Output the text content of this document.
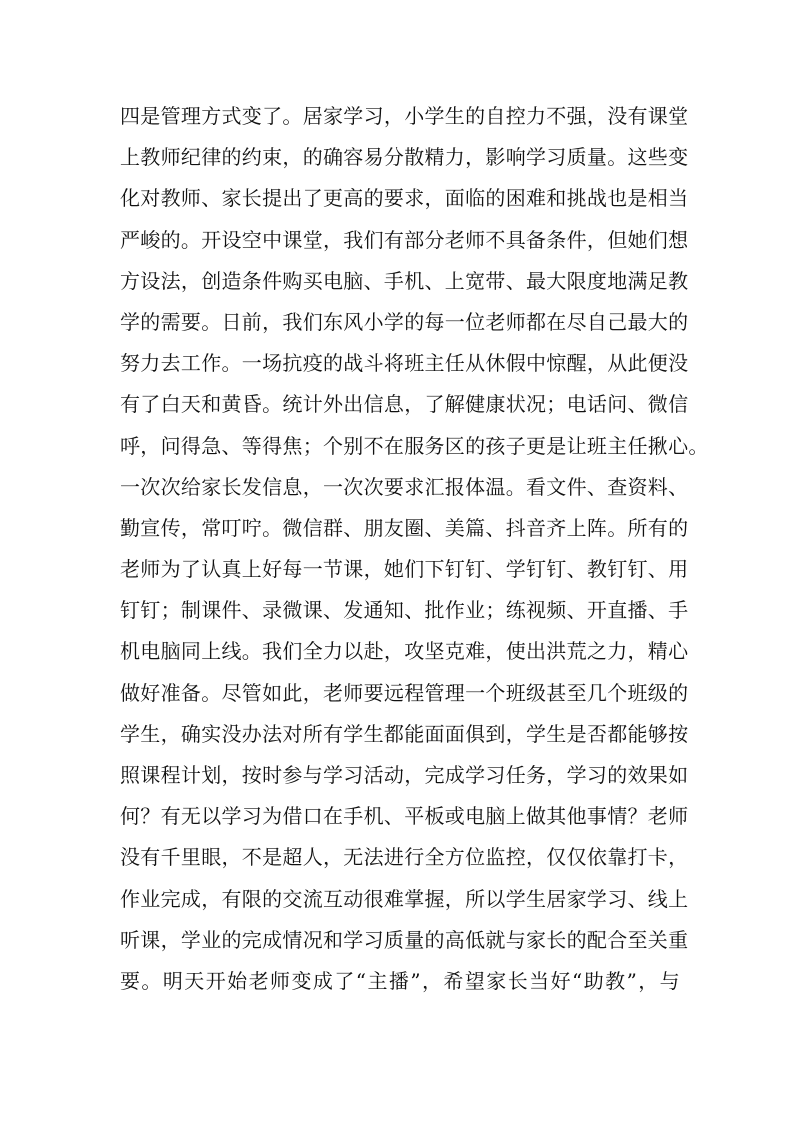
四是管理方式变了。居家学习，小学生的自控力不强，没有课堂
上教师纪律的约束，的确容易分散精力，影响学习质量。这些变
化对教师、家长提出了更高的要求，面临的困难和挑战也是相当
严峻的。开设空中课堂，我们有部分老师不具备条件，但她们想
方设法，创造条件购买电脑、手机、上宽带、最大限度地满足教
学的需要。日前，我们东风小学的每一位老师都在尽自己最大的
努力去工作。一场抗疫的战斗将班主任从休假中惊醒，从此便没
有了白天和黄昏。统计外出信息，了解健康状况；电话问、微信
呼，问得急、等得焦；个别不在服务区的孩子更是让班主任揪心。
一次次给家长发信息，一次次要求汇报体温。看文件、查资料、
勤宣传，常叮咛。微信群、朋友圈、美篇、抖音齐上阵。所有的
老师为了认真上好每一节课，她们下钉钉、学钉钉、教钉钉、用
钉钉；制课件、录微课、发通知、批作业；练视频、开直播、手
机电脑同上线。我们全力以赴，攻坚克难，使出洪荒之力，精心
做好准备。尽管如此，老师要远程管理一个班级甚至几个班级的
学生，确实没办法对所有学生都能面面俱到，学生是否都能够按
照课程计划，按时参与学习活动，完成学习任务，学习的效果如
何？有无以学习为借口在手机、平板或电脑上做其他事情？老师
没有千里眼，不是超人，无法进行全方位监控，仅仅依靠打卡，
作业完成，有限的交流互动很难掌握，所以学生居家学习、线上
听课，学业的完成情况和学习质量的高低就与家长的配合至关重
要。明天开始老师变成了“主播”，希望家长当好“助教”，与
